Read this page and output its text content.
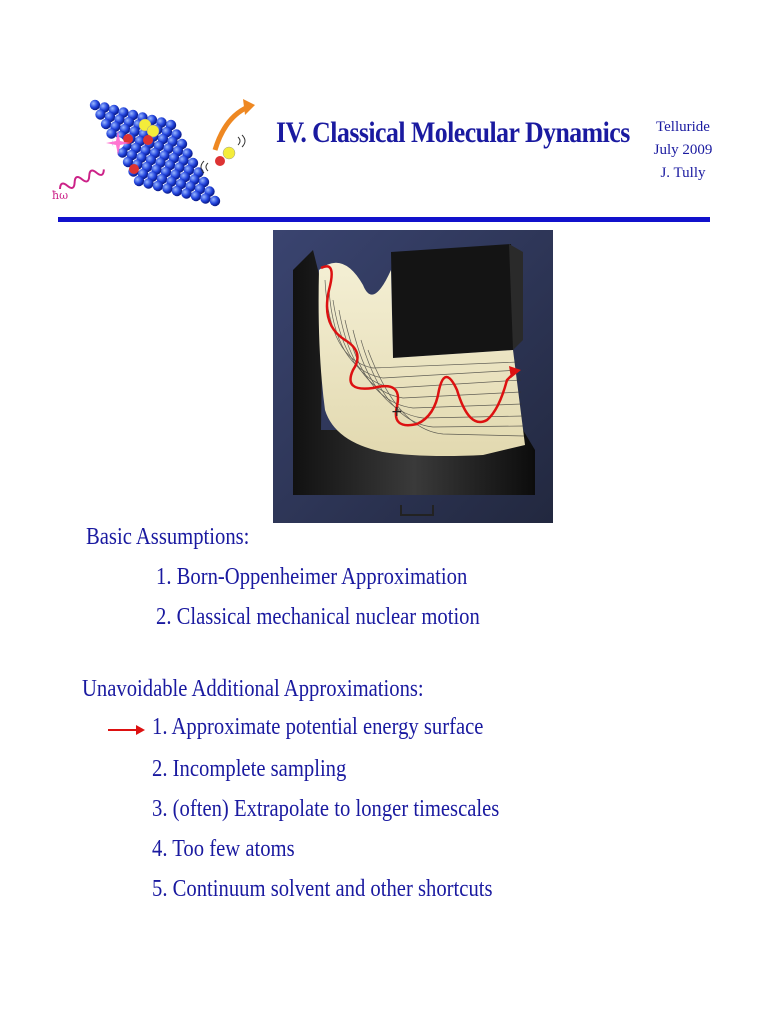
ħω
IV. Classical Molecular Dynamics	Telluride
July 2009
J. Tully
+
Basic Assumptions:
1. Born-Oppenheimer Approximation
2. Classical mechanical nuclear motion
Unavoidable Additional Approximations:
1. Approximate potential energy surface
2. Incomplete sampling
3. (often) Extrapolate to longer timescales
4. Too few atoms
5. Continuum solvent and other shortcuts
